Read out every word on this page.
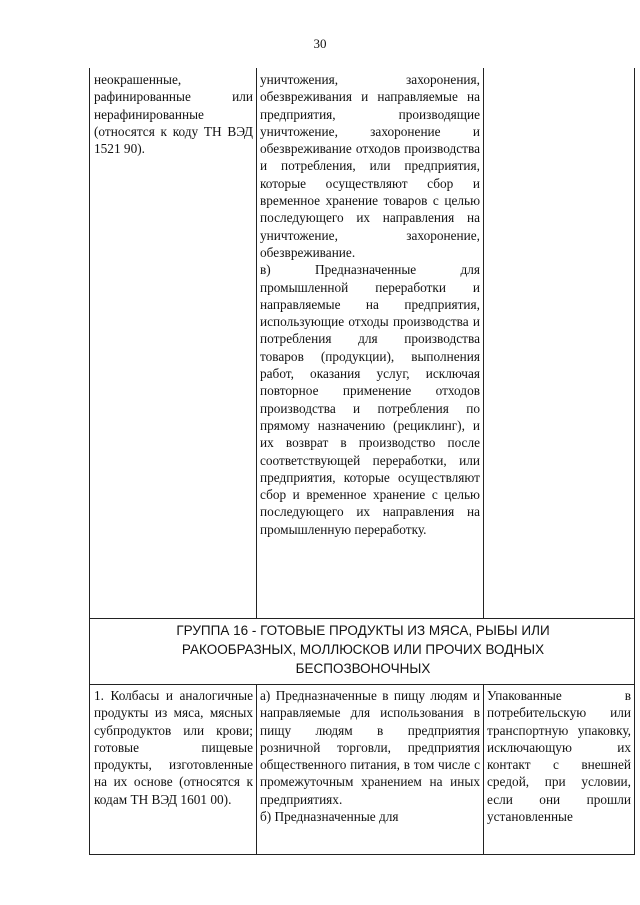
30

неокрашенные, рафинированные или нерафинированные (относятся к коду ТН ВЭД 1521 90).

уничтожения, захоронения, обезвреживания и направляемые на предприятия, производящие уничтожение, захоронение и обезвреживание отходов производства и потребления, или предприятия, которые осуществляют сбор и временное хранение товаров с целью последующего их направления на уничтожение, захоронение, обезвреживание.

в) Предназначенные для промышленной переработки и направляемые на предприятия, использующие отходы производства и потребления для производства товаров (продукции), выполнения работ, оказания услуг, исключая повторное применение отходов производства и потребления по прямому назначению (рециклинг), и их возврат в производство после соответствующей переработки, или предприятия, которые осуществляют сбор и временное хранение с целью последующего их направления на промышленную переработку.

ГРУППА 16 - ГОТОВЫЕ ПРОДУКТЫ ИЗ МЯСА, РЫБЫ ИЛИ РАКООБРАЗНЫХ, МОЛЛЮСКОВ ИЛИ ПРОЧИХ ВОДНЫХ БЕСПОЗВОНОЧНЫХ

1. Колбасы и аналогичные продукты из мяса, мясных субпродуктов или крови; готовые пищевые продукты, изготовленные на их основе (относятся к кодам ТН ВЭД 1601 00).

а) Предназначенные в пищу людям и направляемые для использования в пищу людям в предприятия розничной торговли, предприятия общественного питания, в том числе с промежуточным хранением на иных предприятиях.

б) Предназначенные для

Упакованные в потребительскую или транспортную упаковку, исключающую их контакт с внешней средой, при условии, если они прошли установленные
